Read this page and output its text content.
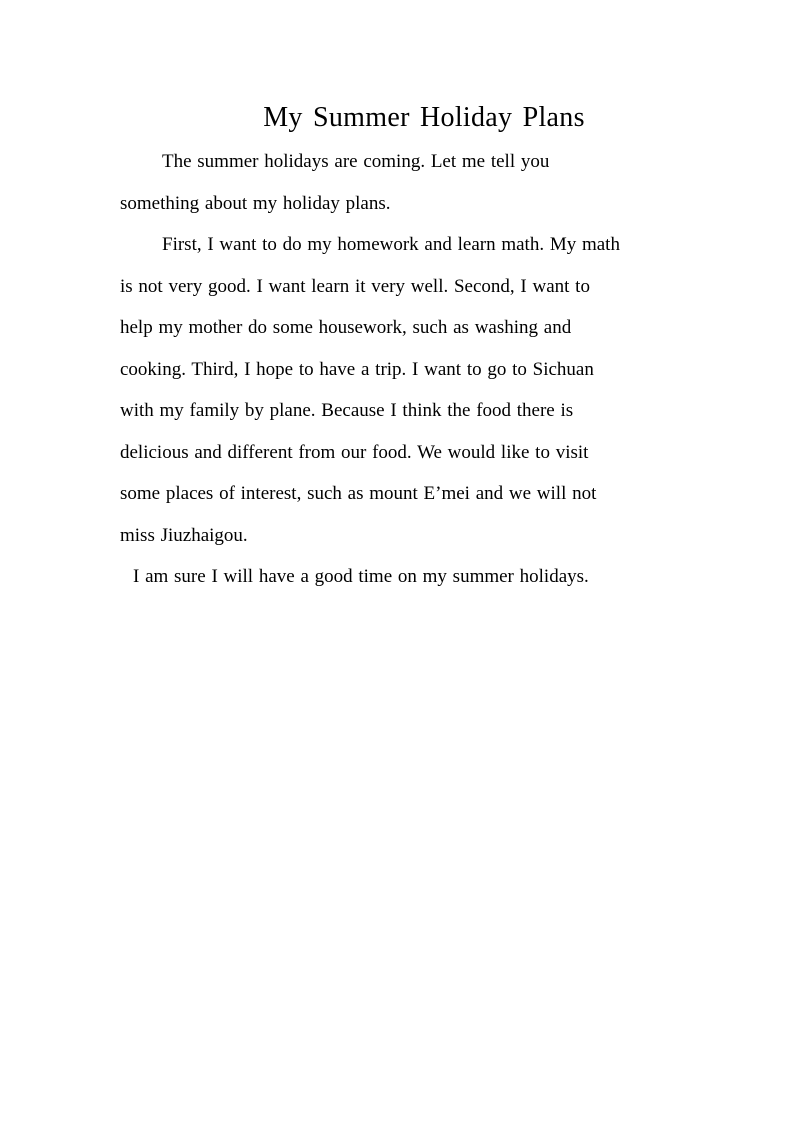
My Summer Holiday Plans
The summer holidays are coming. Let me tell you
something about my holiday plans.
First, I want to do my homework and learn math. My math
is not very good. I want learn it very well. Second, I want to
help my mother do some housework, such as washing and
cooking. Third, I hope to have a trip. I want to go to Sichuan
with my family by plane. Because I think the food there is
delicious and different from our food. We would like to visit
some places of interest, such as mount E’mei and we will not
miss Jiuzhaigou.
I am sure I will have a good time on my summer holidays.
